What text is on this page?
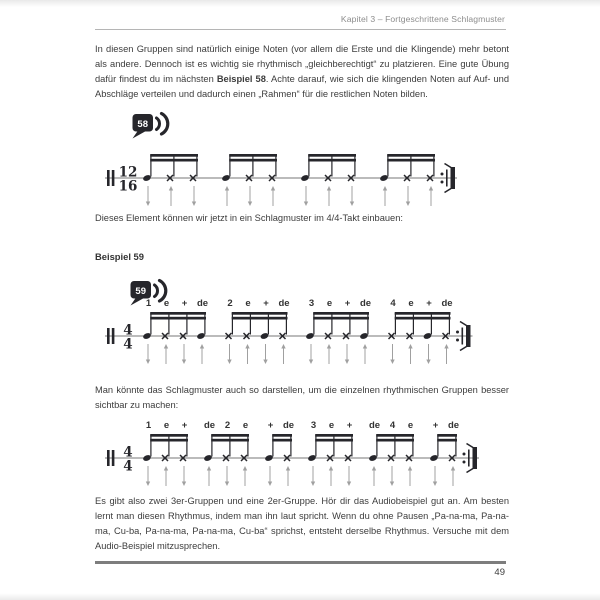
Kapitel 3 – Fortgeschrittene Schlagmuster

In diesen Gruppen sind natürlich einige Noten (vor allem die Erste und die Klingende) mehr betont als andere. Dennoch ist es wichtig sie rhythmisch „gleichberechtigt“ zu platzieren. Eine gute Übung dafür findest du im nächsten Beispiel 58. Achte darauf, wie sich die klingenden Noten auf Auf- und Abschläge verteilen und dadurch einen „Rahmen“ für die restlichen Noten bilden.

58
12
16

Dieses Element können wir jetzt in ein Schlagmuster im 4/4-Takt einbauen:

Beispiel 59
59
4
4
1 e + de 2 e + de 3 e + de 4 e + de

Man könnte das Schlagmuster auch so darstellen, um die einzelnen rhythmischen Gruppen besser sichtbar zu machen:

4
4
1 e + de 2 e + de 3 e + de 4 e + de

Es gibt also zwei 3er-Gruppen und eine 2er-Gruppe. Hör dir das Audiobeispiel gut an. Am besten lernt man diesen Rhythmus, indem man ihn laut spricht. Wenn du ohne Pausen „Pa-na-ma, Pa-na-ma, Cu-ba, Pa-na-ma, Pa-na-ma, Cu-ba“ sprichst, entsteht derselbe Rhythmus. Versuche mit dem Audio-Beispiel mitzusprechen.

49
